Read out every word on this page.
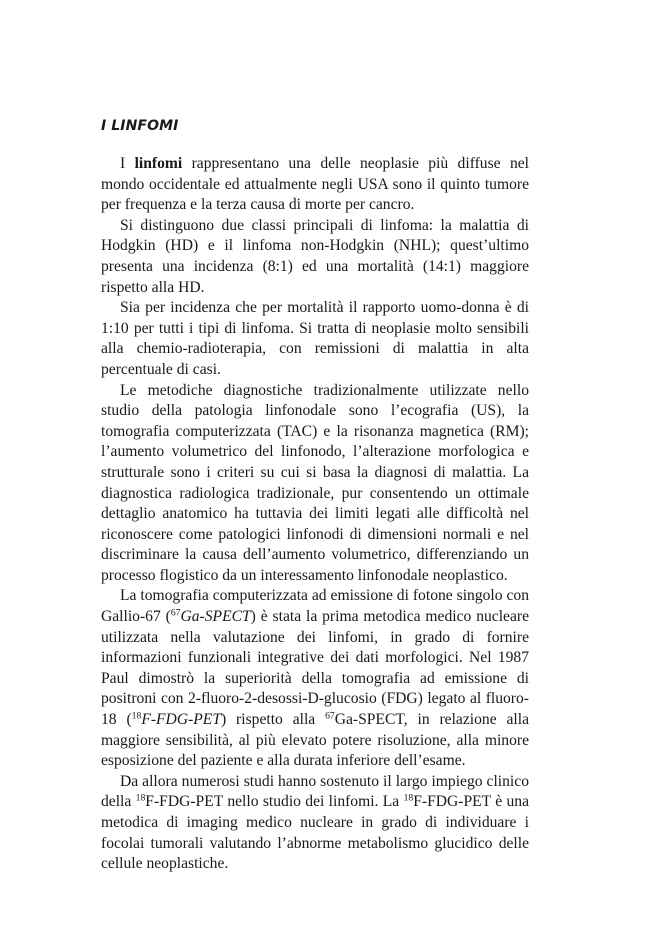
I LINFOMI

I linfomi rappresentano una delle neoplasie più diffuse nel mondo occidentale ed attualmente negli USA sono il quinto tumore per frequenza e la terza causa di morte per cancro.

Si distinguono due classi principali di linfoma: la malattia di Hodgkin (HD) e il linfoma non-Hodgkin (NHL); quest’ultimo presenta una incidenza (8:1) ed una mortalità (14:1) maggiore rispetto alla HD.

Sia per incidenza che per mortalità il rapporto uomo-donna è di 1:10 per tutti i tipi di linfoma. Si tratta di neoplasie molto sensibili alla chemio-radioterapia, con remissioni di malattia in alta percentuale di casi.

Le metodiche diagnostiche tradizionalmente utilizzate nello studio della patologia linfonodale sono l’ecografia (US), la tomografia computerizzata (TAC) e la risonanza magnetica (RM); l’aumento volumetrico del linfonodo, l’alterazione morfologica e strutturale sono i criteri su cui si basa la diagnosi di malattia. La diagnostica radiologica tradizionale, pur consentendo un ottimale dettaglio anatomico ha tuttavia dei limiti legati alle difficoltà nel riconoscere come patologici linfonodi di dimensioni normali e nel discriminare la causa dell’aumento volumetrico, differenziando un processo flogistico da un interessamento linfonodale neoplastico.

La tomografia computerizzata ad emissione di fotone singolo con Gallio-67 ($^{67}$Ga-SPECT) è stata la prima metodica medico nucleare utilizzata nella valutazione dei linfomi, in grado di fornire informazioni funzionali integrative dei dati morfologici. Nel 1987 Paul dimostrò la superiorità della tomografia ad emissione di positroni con 2-fluoro-2-desossi-D-glucosio (FDG) legato al fluoro-18 ($^{18}$F-FDG-PET) rispetto alla $^{67}$Ga-SPECT, in relazione alla maggiore sensibilità, al più elevato potere risoluzione, alla minore esposizione del paziente e alla durata inferiore dell’esame.

Da allora numerosi studi hanno sostenuto il largo impiego clinico della $^{18}$F-FDG-PET nello studio dei linfomi. La $^{18}$F-FDG-PET è una metodica di imaging medico nucleare in grado di individuare i focolai tumorali valutando l’abnorme metabolismo glucidico delle cellule neoplastiche.
